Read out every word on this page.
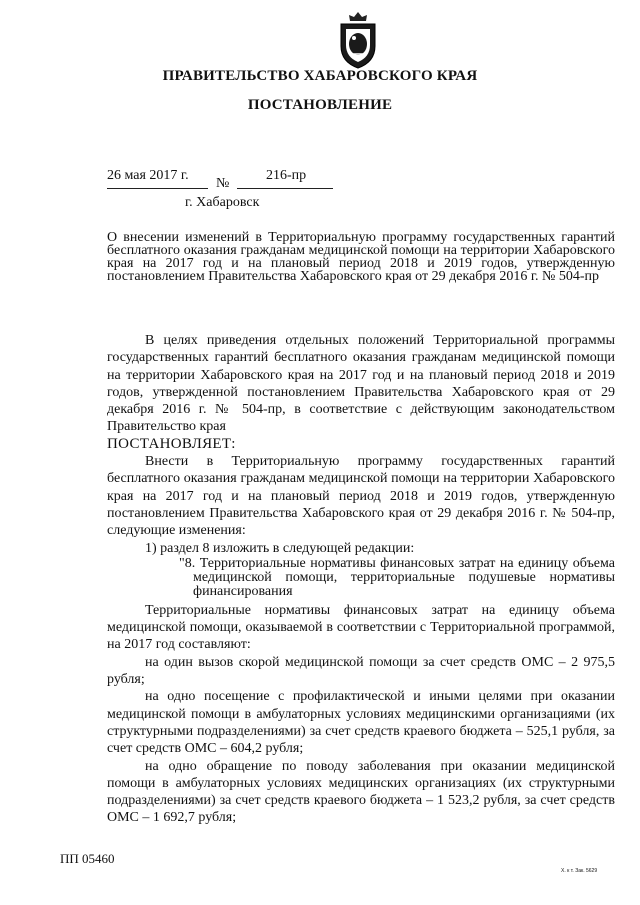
ПРАВИТЕЛЬСТВО ХАБАРОВСКОГО КРАЯ
ПОСТАНОВЛЕНИЕ
26 мая 2017 г.
№
216-пр
г. Хабаровск
О внесении изменений в Территориальную программу государственных гарантий бесплатного оказания гражданам медицинской помощи на территории Хабаровского края на 2017 год и на плановый период 2018 и 2019 годов, утвержденную постановлением Правительства Хабаровского края от 29 декабря 2016 г. № 504-пр

В целях приведения отдельных положений Территориальной программы государственных гарантий бесплатного оказания гражданам медицинской помощи на территории Хабаровского края на 2017 год и на плановый период 2018 и 2019 годов, утвержденной постановлением Правительства Хабаровского края от 29 декабря 2016 г. № 504-пр, в соответствие с действующим законодательством Правительство края

ПОСТАНОВЛЯЕТ:

Внести в Территориальную программу государственных гарантий бесплатного оказания гражданам медицинской помощи на территории Хабаровского края на 2017 год и на плановый период 2018 и 2019 годов, утвержденную постановлением Правительства Хабаровского края от 29 декабря 2016 г. № 504-пр, следующие изменения:

1) раздел 8 изложить в следующей редакции:

"8. Территориальные нормативы финансовых затрат на единицу объема медицинской помощи, территориальные подушевые нормативы финансирования

Территориальные нормативы финансовых затрат на единицу объема медицинской помощи, оказываемой в соответствии с Территориальной программой, на 2017 год составляют:

на один вызов скорой медицинской помощи за счет средств ОМС – 2 975,5 рубля;

на одно посещение с профилактической и иными целями при оказании медицинской помощи в амбулаторных условиях медицинскими организациями (их структурными подразделениями) за счет средств краевого бюджета – 525,1 рубля, за счет средств ОМС – 604,2 рубля;

на одно обращение по поводу заболевания при оказании медицинской помощи в амбулаторных условиях медицинских организациях (их структурными подразделениями) за счет средств краевого бюджета – 1 523,2 рубля, за счет средств ОМС – 1 692,7 рубля;

ПП 05460
Х. к т. Зак. 5629
